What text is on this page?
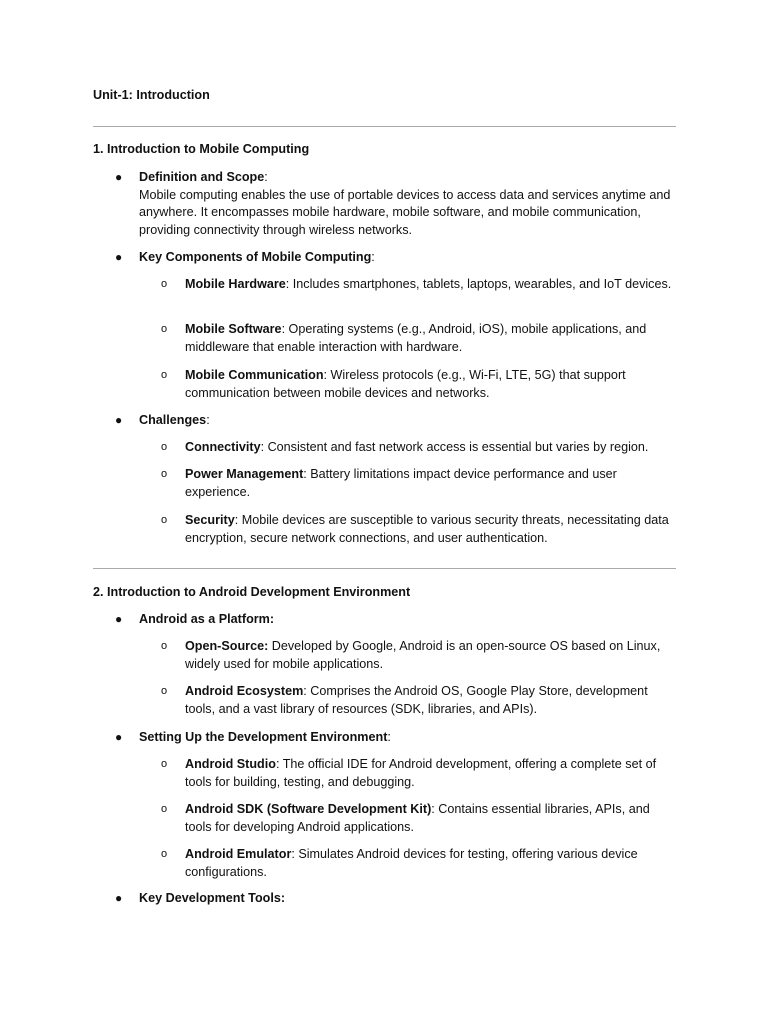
Unit-1: Introduction
1. Introduction to Mobile Computing
●	Definition and Scope:
Mobile computing enables the use of portable devices to access data and services anytime and anywhere. It encompasses mobile hardware, mobile software, and mobile communication, providing connectivity through wireless networks.
●	Key Components of Mobile Computing:
o Mobile Hardware: Includes smartphones, tablets, laptops, wearables, and IoT devices.
o Mobile Software: Operating systems (e.g., Android, iOS), mobile applications, and middleware that enable interaction with hardware.
o Mobile Communication: Wireless protocols (e.g., Wi-Fi, LTE, 5G) that support communication between mobile devices and networks.
●	Challenges:
o Connectivity: Consistent and fast network access is essential but varies by region.
o Power Management: Battery limitations impact device performance and user experience.
o Security: Mobile devices are susceptible to various security threats, necessitating data encryption, secure network connections, and user authentication.
2. Introduction to Android Development Environment
●	Android as a Platform:
o Open-Source: Developed by Google, Android is an open-source OS based on Linux, widely used for mobile applications.
o Android Ecosystem: Comprises the Android OS, Google Play Store, development tools, and a vast library of resources (SDK, libraries, and APIs).
●	Setting Up the Development Environment:
o Android Studio: The official IDE for Android development, offering a complete set of tools for building, testing, and debugging.
o Android SDK (Software Development Kit): Contains essential libraries, APIs, and tools for developing Android applications.
o Android Emulator: Simulates Android devices for testing, offering various device configurations.
●	Key Development Tools:
